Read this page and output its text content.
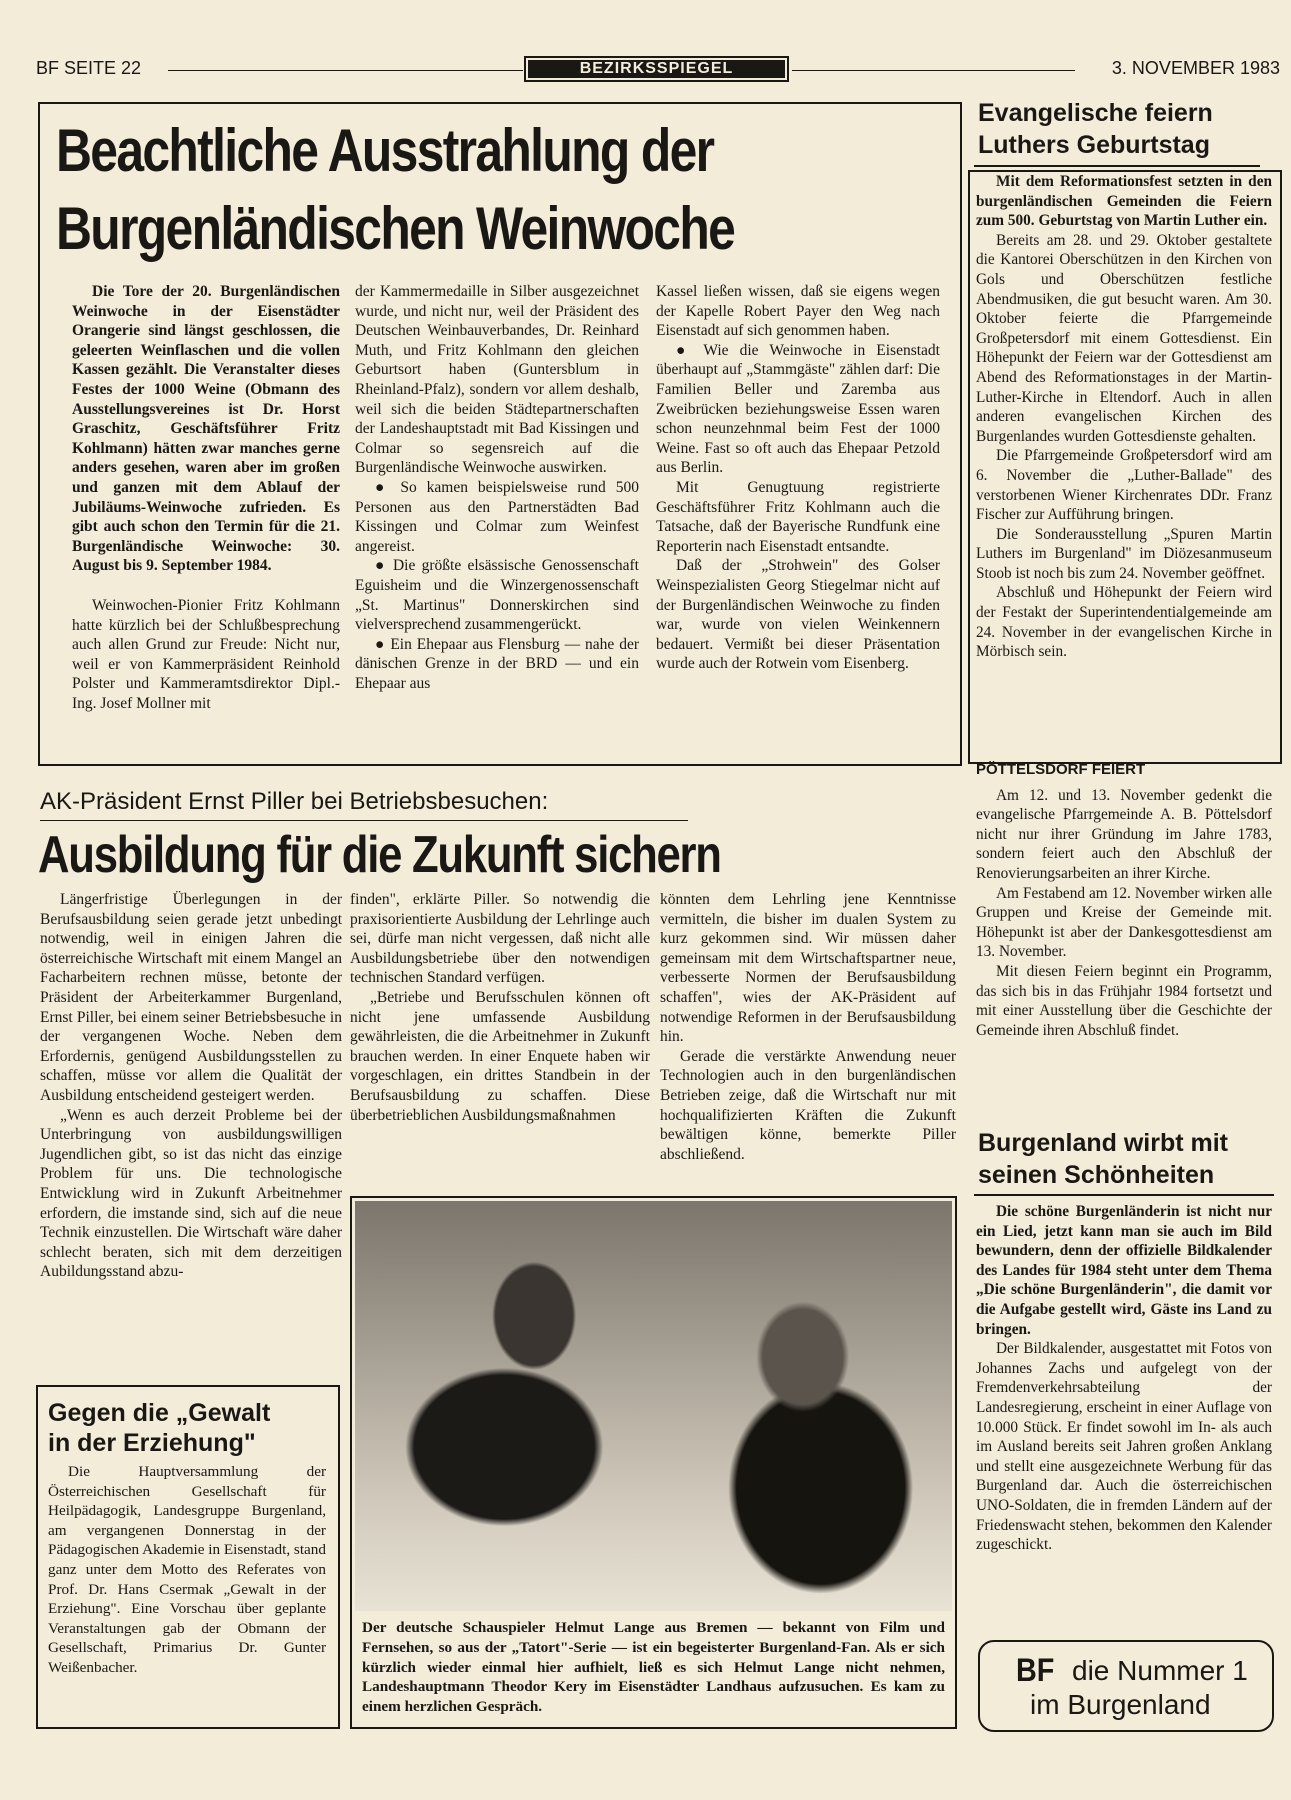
BF SEITE 22	BEZIRKSSPIEGEL	3. NOVEMBER 1983
Beachtliche Ausstrahlung der
Burgenländischen Weinwoche

Die Tore der 20. Burgenländischen Weinwoche in der Eisenstädter Orangerie sind längst geschlossen, die geleerten Weinflaschen und die vollen Kassen gezählt. Die Veranstalter dieses Festes der 1000 Weine (Obmann des Ausstellungsvereines ist Dr. Horst Graschitz, Geschäftsführer Fritz Kohlmann) hätten zwar manches gerne anders gesehen, waren aber im großen und ganzen mit dem Ablauf der Jubiläums-Weinwoche zufrieden. Es gibt auch schon den Termin für die 21. Burgenländische Weinwoche: 30. August bis 9. September 1984.

Weinwochen-Pionier Fritz Kohlmann hatte kürzlich bei der Schlußbesprechung auch allen Grund zur Freude: Nicht nur, weil er von Kammerpräsident Reinhold Polster und Kammeramtsdirektor Dipl.-Ing. Josef Mollner mit

der Kammermedaille in Silber ausgezeichnet wurde, und nicht nur, weil der Präsident des Deutschen Weinbauverbandes, Dr. Reinhard Muth, und Fritz Kohlmann den gleichen Geburtsort haben (Guntersblum in Rheinland-Pfalz), sondern vor allem deshalb, weil sich die beiden Städtepartnerschaften der Landeshauptstadt mit Bad Kissingen und Colmar so segensreich auf die Burgenländische Weinwoche auswirken.

● So kamen beispielsweise rund 500 Personen aus den Partnerstädten Bad Kissingen und Colmar zum Weinfest angereist.

● Die größte elsässische Genossenschaft Eguisheim und die Winzergenossenschaft „St. Martinus" Donnerskirchen sind vielversprechend zusammengerückt.

● Ein Ehepaar aus Flensburg — nahe der dänischen Grenze in der BRD — und ein Ehepaar aus

Kassel ließen wissen, daß sie eigens wegen der Kapelle Robert Payer den Weg nach Eisenstadt auf sich genommen haben.

● Wie die Weinwoche in Eisenstadt überhaupt auf „Stammgäste" zählen darf: Die Familien Beller und Zaremba aus Zweibrücken beziehungsweise Essen waren schon neunzehnmal beim Fest der 1000 Weine. Fast so oft auch das Ehepaar Petzold aus Berlin.

Mit Genugtuung registrierte Geschäftsführer Fritz Kohlmann auch die Tatsache, daß der Bayerische Rundfunk eine Reporterin nach Eisenstadt entsandte.

Daß der „Strohwein" des Golser Weinspezialisten Georg Stiegelmar nicht auf der Burgenländischen Weinwoche zu finden war, wurde von vielen Weinkennern bedauert. Vermißt bei dieser Präsentation wurde auch der Rotwein vom Eisenberg.

Evangelische feiern
Luthers Geburtstag

Mit dem Reformationsfest setzten in den burgenländischen Gemeinden die Feiern zum 500. Geburtstag von Martin Luther ein.

Bereits am 28. und 29. Oktober gestaltete die Kantorei Oberschützen in den Kirchen von Gols und Oberschützen festliche Abendmusiken, die gut besucht waren. Am 30. Oktober feierte die Pfarrgemeinde Großpetersdorf mit einem Gottesdienst. Ein Höhepunkt der Feiern war der Gottesdienst am Abend des Reformationstages in der Martin-Luther-Kirche in Eltendorf. Auch in allen anderen evangelischen Kirchen des Burgenlandes wurden Gottesdienste gehalten.

Die Pfarrgemeinde Großpetersdorf wird am 6. November die „Luther-Ballade" des verstorbenen Wiener Kirchenrates DDr. Franz Fischer zur Aufführung bringen.

Die Sonderausstellung „Spuren Martin Luthers im Burgenland" im Diözesanmuseum Stoob ist noch bis zum 24. November geöffnet.

Abschluß und Höhepunkt der Feiern wird der Festakt der Superintendentialgemeinde am 24. November in der evangelischen Kirche in Mörbisch sein.

PÖTTELSDORF FEIERT

Am 12. und 13. November gedenkt die evangelische Pfarrgemeinde A. B. Pöttelsdorf nicht nur ihrer Gründung im Jahre 1783, sondern feiert auch den Abschluß der Renovierungsarbeiten an ihrer Kirche.

Am Festabend am 12. November wirken alle Gruppen und Kreise der Gemeinde mit. Höhepunkt ist aber der Dankesgottesdienst am 13. November.

Mit diesen Feiern beginnt ein Programm, das sich bis in das Frühjahr 1984 fortsetzt und mit einer Ausstellung über die Geschichte der Gemeinde ihren Abschluß findet.

AK-Präsident Ernst Piller bei Betriebsbesuchen:
Ausbildung für die Zukunft sichern

Längerfristige Überlegungen in der Berufsausbildung seien gerade jetzt unbedingt notwendig, weil in einigen Jahren die österreichische Wirtschaft mit einem Mangel an Facharbeitern rechnen müsse, betonte der Präsident der Arbeiterkammer Burgenland, Ernst Piller, bei einem seiner Betriebsbesuche in der vergangenen Woche. Neben dem Erfordernis, genügend Ausbildungsstellen zu schaffen, müsse vor allem die Qualität der Ausbildung entscheidend gesteigert werden.

„Wenn es auch derzeit Probleme bei der Unterbringung von ausbildungswilligen Jugendlichen gibt, so ist das nicht das einzige Problem für uns. Die technologische Entwicklung wird in Zukunft Arbeitnehmer erfordern, die imstande sind, sich auf die neue Technik einzustellen. Die Wirtschaft wäre daher schlecht beraten, sich mit dem derzeitigen Aubildungsstand abzu-

finden", erklärte Piller. So notwendig die praxisorientierte Ausbildung der Lehrlinge auch sei, dürfe man nicht vergessen, daß nicht alle Ausbildungsbetriebe über den notwendigen technischen Standard verfügen.

„Betriebe und Berufsschulen können oft nicht jene umfassende Ausbildung gewährleisten, die die Arbeitnehmer in Zukunft brauchen werden. In einer Enquete haben wir vorgeschlagen, ein drittes Standbein in der Berufsausbildung zu schaffen. Diese überbetrieblichen Ausbildungsmaßnahmen

könnten dem Lehrling jene Kenntnisse vermitteln, die bisher im dualen System zu kurz gekommen sind. Wir müssen daher gemeinsam mit dem Wirtschaftspartner neue, verbesserte Normen der Berufsausbildung schaffen", wies der AK-Präsident auf notwendige Reformen in der Berufsausbildung hin.

Gerade die verstärkte Anwendung neuer Technologien auch in den burgenländischen Betrieben zeige, daß die Wirtschaft nur mit hochqualifizierten Kräften die Zukunft bewältigen könne, bemerkte Piller abschließend.

Gegen die „Gewalt
in der Erziehung"

Die Hauptversammlung der Österreichischen Gesellschaft für Heilpädagogik, Landesgruppe Burgenland, am vergangenen Donnerstag in der Pädagogischen Akademie in Eisenstadt, stand ganz unter dem Motto des Referates von Prof. Dr. Hans Csermak „Gewalt in der Erziehung". Eine Vorschau über geplante Veranstaltungen gab der Obmann der Gesellschaft, Primarius Dr. Gunter Weißenbacher.

Der deutsche Schauspieler Helmut Lange aus Bremen — bekannt von Film und Fernsehen, so aus der „Tatort"-Serie — ist ein begeisterter Burgenland-Fan. Als er sich kürzlich wieder einmal hier aufhielt, ließ es sich Helmut Lange nicht nehmen, Landeshauptmann Theodor Kery im Eisenstädter Landhaus aufzusuchen. Es kam zu einem herzlichen Gespräch.
Burgenland wirbt mit
seinen Schönheiten

Die schöne Burgenländerin ist nicht nur ein Lied, jetzt kann man sie auch im Bild bewundern, denn der offizielle Bildkalender des Landes für 1984 steht unter dem Thema „Die schöne Burgenländerin", die damit vor die Aufgabe gestellt wird, Gäste ins Land zu bringen.

Der Bildkalender, ausgestattet mit Fotos von Johannes Zachs und aufgelegt von der Fremdenverkehrsabteilung der Landesregierung, erscheint in einer Auflage von 10.000 Stück. Er findet sowohl im In- als auch im Ausland bereits seit Jahren großen Anklang und stellt eine ausgezeichnete Werbung für das Burgenland dar. Auch die österreichischen UNO-Soldaten, die in fremden Ländern auf der Friedenswacht stehen, bekommen den Kalender zugeschickt.

BF die Nummer 1
im Burgenland
